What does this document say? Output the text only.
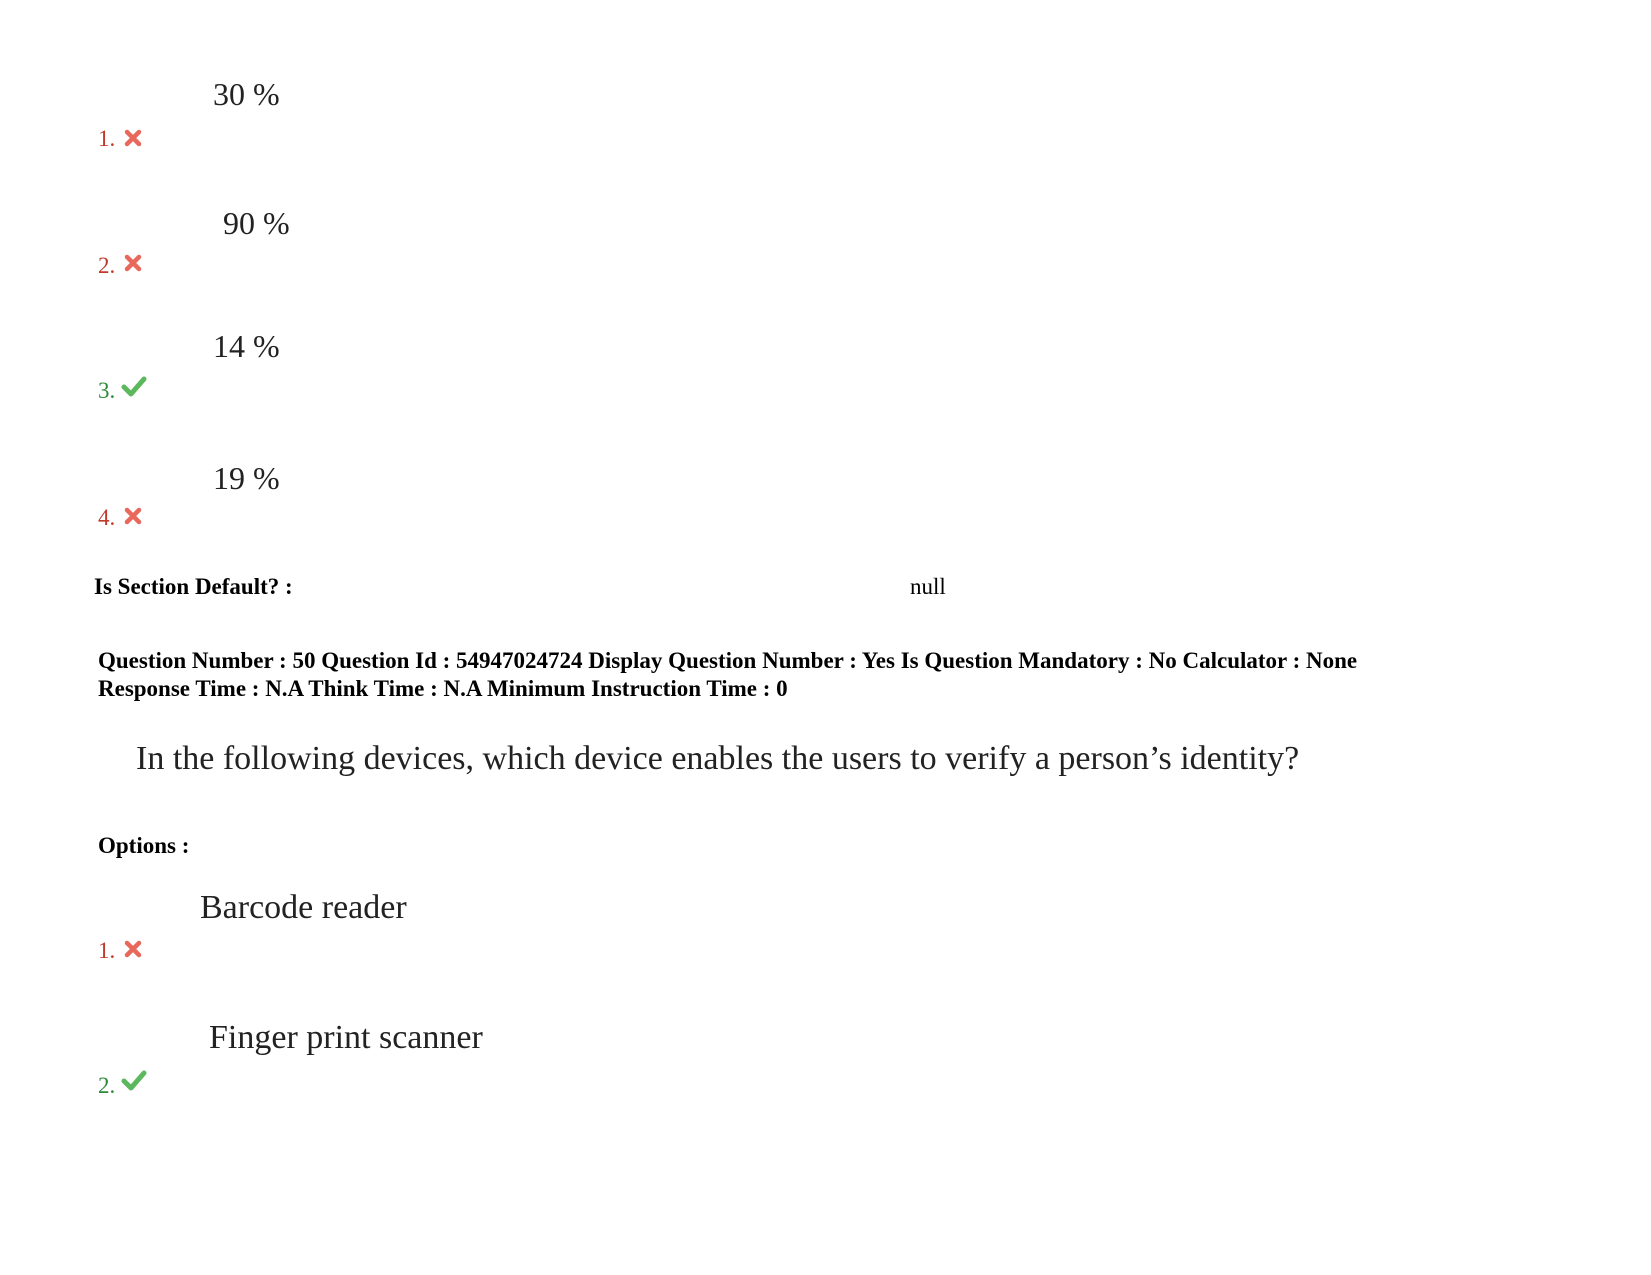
30 %
1.
90 %
2.
14 %
3.
19 %
4.
Is Section Default? :	null
Question Number : 50 Question Id : 54947024724 Display Question Number : Yes Is Question Mandatory : No Calculator : None
Response Time : N.A Think Time : N.A Minimum Instruction Time : 0
In the following devices, which device enables the users to verify a person’s identity?
Options :
Barcode reader
1.
Finger print scanner
2.
